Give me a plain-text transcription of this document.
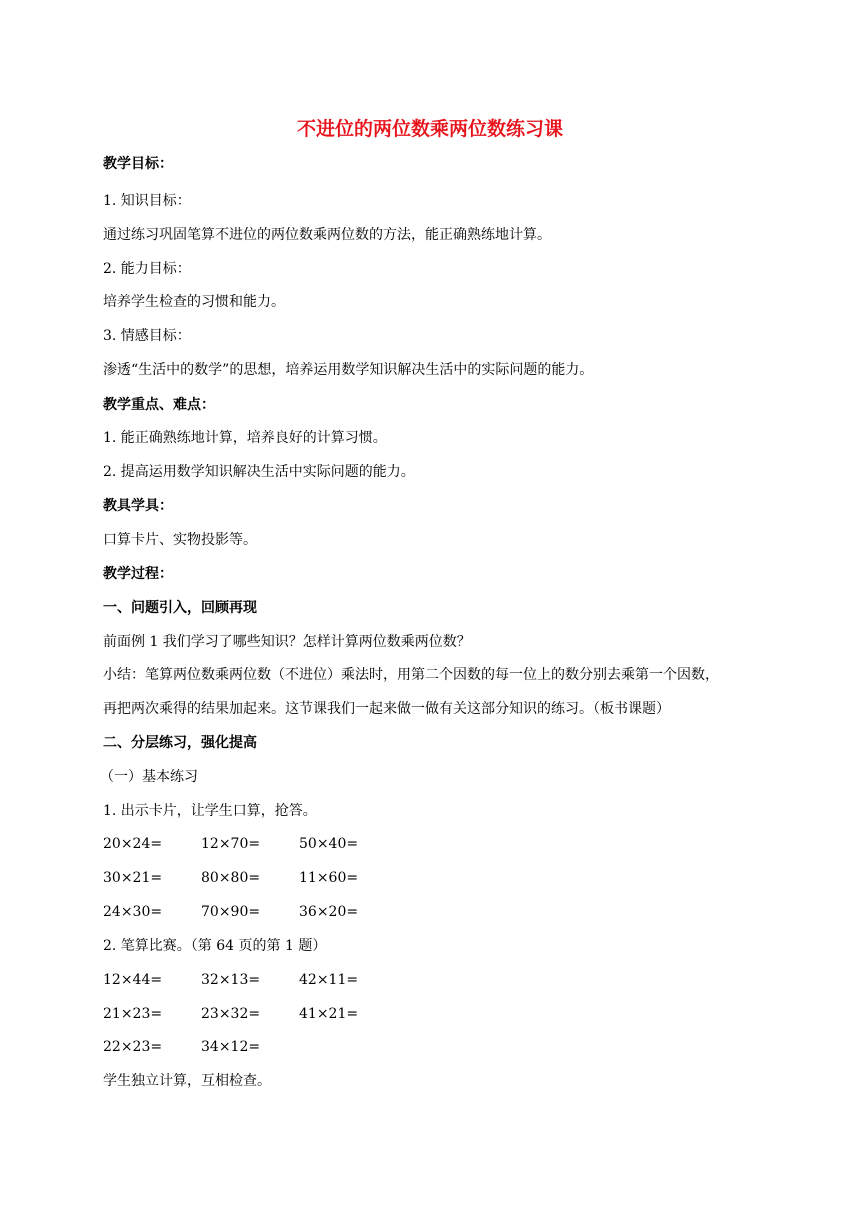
不进位的两位数乘两位数练习课
教学目标：
1. 知识目标：
通过练习巩固笔算不进位的两位数乘两位数的方法，能正确熟练地计算。
2. 能力目标：
培养学生检查的习惯和能力。
3. 情感目标：
渗透“生活中的数学”的思想，培养运用数学知识解决生活中的实际问题的能力。
教学重点、难点：
1. 能正确熟练地计算，培养良好的计算习惯。
2. 提高运用数学知识解决生活中实际问题的能力。
教具学具：
口算卡片、实物投影等。
教学过程：
一、问题引入，回顾再现
前面例 1 我们学习了哪些知识？怎样计算两位数乘两位数？
小结：笔算两位数乘两位数（不进位）乘法时，用第二个因数的每一位上的数分别去乘第一个因数，
再把两次乘得的结果加起来。这节课我们一起来做一做有关这部分知识的练习。（板书课题）
二、分层练习，强化提高
（一）基本练习
1. 出示卡片，让学生口算，抢答。
20×24=	12×70=	50×40=
30×21=	80×80=	11×60=
24×30=	70×90=	36×20=
2. 笔算比赛。（第 64 页的第 1 题）
12×44=	32×13=	42×11=
21×23=	23×32=	41×21=
22×23=	34×12=
学生独立计算，互相检查。
